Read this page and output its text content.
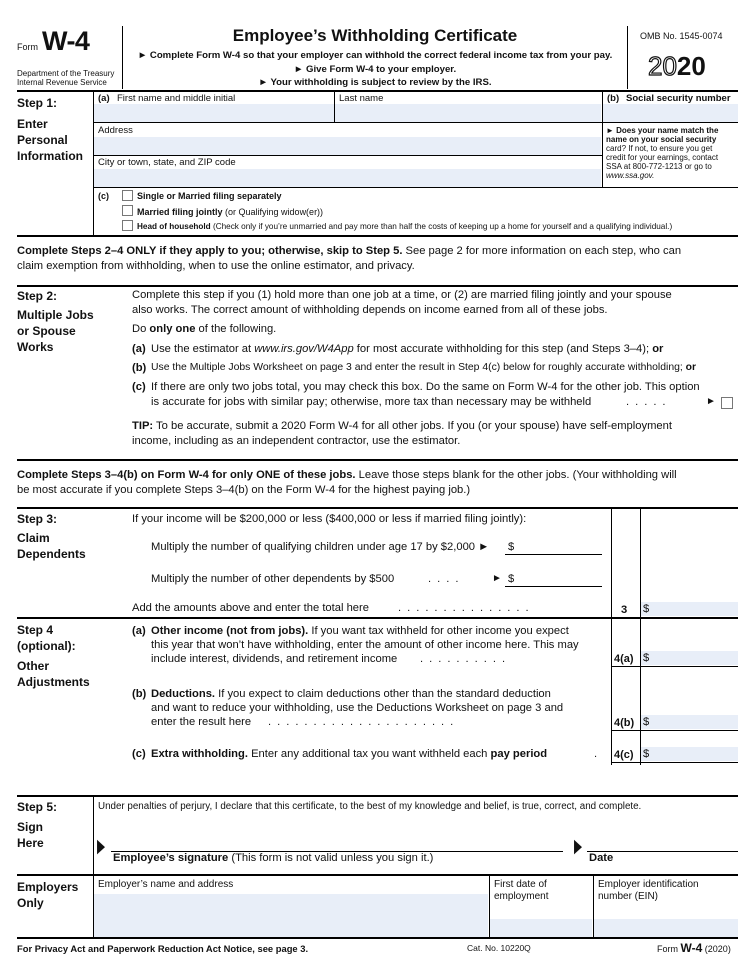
Form W-4
Department of the Treasury
Internal Revenue Service
Employee’s Withholding Certificate
► Complete Form W-4 so that your employer can withhold the correct federal income tax from your pay.
► Give Form W-4 to your employer.
► Your withholding is subject to review by the IRS.
OMB No. 1545-0074
2020
Step 1:
Enter
Personal
Information
(a) First name and middle initial	Last name	(b) Social security number
Address
City or town, state, and ZIP code
► Does your name match the
name on your social security
card? If not, to ensure you get
credit for your earnings, contact
SSA at 800-772-1213 or go to
www.ssa.gov.
(c)	Single or Married filing separately
Married filing jointly (or Qualifying widow(er))
Head of household (Check only if you’re unmarried and pay more than half the costs of keeping up a home for yourself and a qualifying individual.)
Complete Steps 2–4 ONLY if they apply to you; otherwise, skip to Step 5. See page 2 for more information on each step, who can
claim exemption from withholding, when to use the online estimator, and privacy.
Step 2:
Multiple Jobs
or Spouse
Works
Complete this step if you (1) hold more than one job at a time, or (2) are married filing jointly and your spouse
also works. The correct amount of withholding depends on income earned from all of these jobs.
Do only one of the following.
(a) Use the estimator at www.irs.gov/W4App for most accurate withholding for this step (and Steps 3–4); or
(b) Use the Multiple Jobs Worksheet on page 3 and enter the result in Step 4(c) below for roughly accurate withholding; or
(c) If there are only two jobs total, you may check this box. Do the same on Form W-4 for the other job. This option
is accurate for jobs with similar pay; otherwise, more tax than necessary may be withheld	.....	►
TIP: To be accurate, submit a 2020 Form W-4 for all other jobs. If you (or your spouse) have self-employment
income, including as an independent contractor, use the estimator.
Complete Steps 3–4(b) on Form W-4 for only ONE of these jobs. Leave those steps blank for the other jobs. (Your withholding will
be most accurate if you complete Steps 3–4(b) on the Form W-4 for the highest paying job.)
Step 3:
Claim
Dependents
If your income will be $200,000 or less ($400,000 or less if married filing jointly):
Multiply the number of qualifying children under age 17 by $2,000 ► $
Multiply the number of other dependents by $500	....	► $
Add the amounts above and enter the total here	...............	3 $
Step 4
(optional):
Other
Adjustments
(a) Other income (not from jobs). If you want tax withheld for other income you expect
this year that won’t have withholding, enter the amount of other income here. This may
include interest, dividends, and retirement income ..........	4(a) $
(b) Deductions. If you expect to claim deductions other than the standard deduction
and want to reduce your withholding, use the Deductions Worksheet on page 3 and
enter the result here .....................	4(b) $
(c) Extra withholding. Enter any additional tax you want withheld each pay period	. 4(c) $
Step 5:
Sign
Here
Under penalties of perjury, I declare that this certificate, to the best of my knowledge and belief, is true, correct, and complete.
▶
Employee’s signature (This form is not valid unless you sign it.)
▶
Date
Employers
Only
Employer’s name and address	First date of
employment
Employer identification
number (EIN)
For Privacy Act and Paperwork Reduction Act Notice, see page 3.	Cat. No. 10220Q	Form W-4 (2020)
